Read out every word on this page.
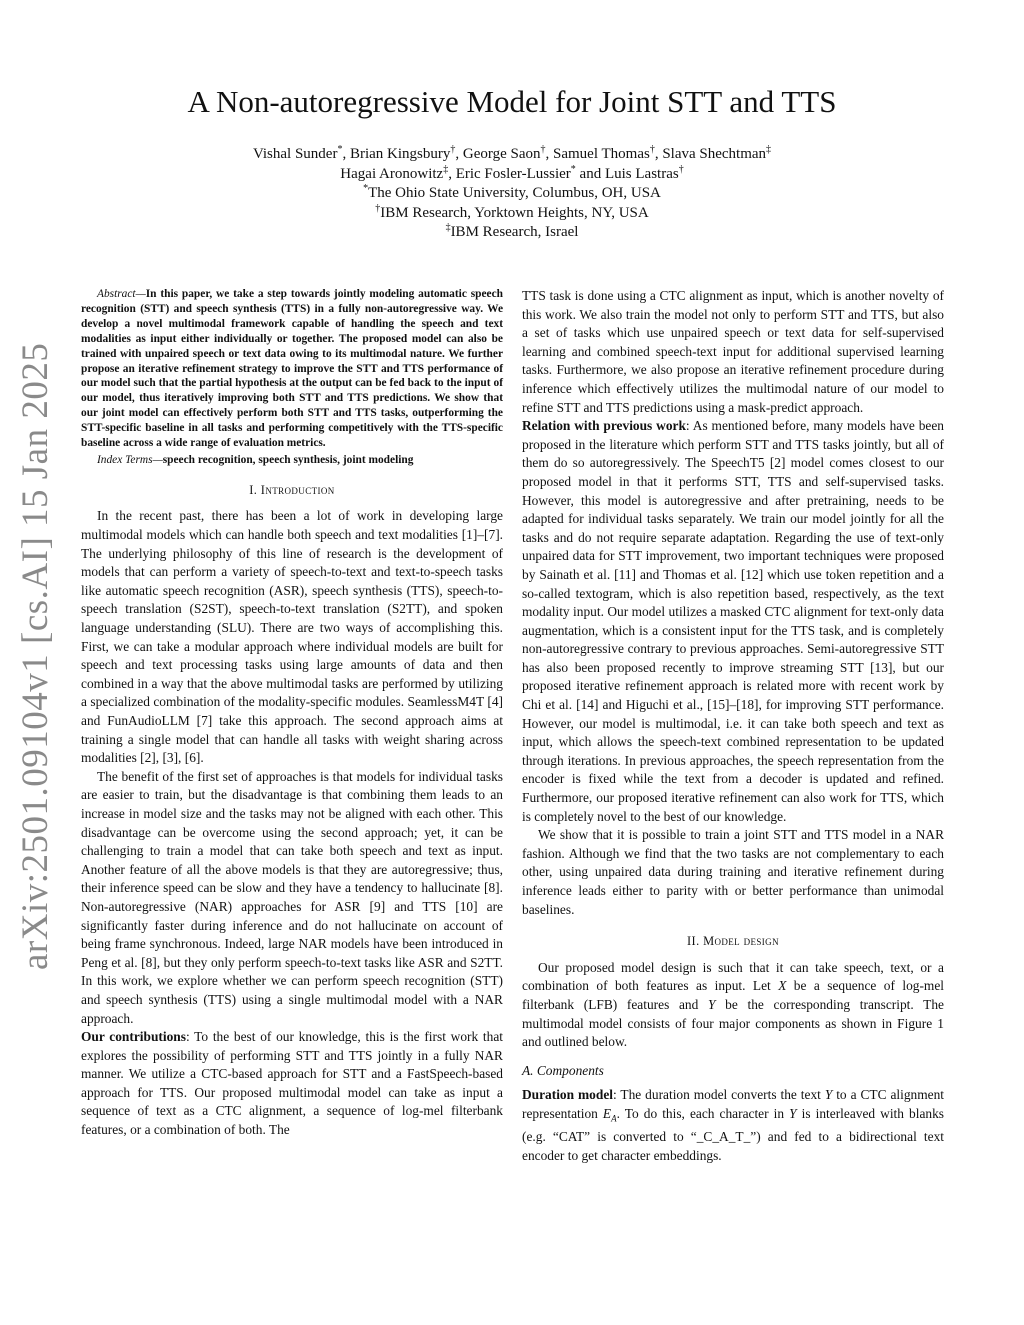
arXiv:2501.09104v1 [cs.AI] 15 Jan 2025
A Non-autoregressive Model for Joint STT and TTS
Vishal Sunder*, Brian Kingsbury†, George Saon†, Samuel Thomas†, Slava Shechtman‡
Hagai Aronowitz‡, Eric Fosler-Lussier* and Luis Lastras†
*The Ohio State University, Columbus, OH, USA
†IBM Research, Yorktown Heights, NY, USA
‡IBM Research, Israel

Abstract—In this paper, we take a step towards jointly modeling automatic speech recognition (STT) and speech synthesis (TTS) in a fully non-autoregressive way. We develop a novel multimodal framework capable of handling the speech and text modalities as input either individually or together. The proposed model can also be trained with unpaired speech or text data owing to its multimodal nature. We further propose an iterative refinement strategy to improve the STT and TTS performance of our model such that the partial hypothesis at the output can be fed back to the input of our model, thus iteratively improving both STT and TTS predictions. We show that our joint model can effectively perform both STT and TTS tasks, outperforming the STT-specific baseline in all tasks and performing competitively with the TTS-specific baseline across a wide range of evaluation metrics.

Index Terms—speech recognition, speech synthesis, joint modeling

I. Introduction

In the recent past, there has been a lot of work in developing large multimodal models which can handle both speech and text modalities [1]–[7]. The underlying philosophy of this line of research is the development of models that can perform a variety of speech-to-text and text-to-speech tasks like automatic speech recognition (ASR), speech synthesis (TTS), speech-to-speech translation (S2ST), speech-to-text translation (S2TT), and spoken language understanding (SLU). There are two ways of accomplishing this. First, we can take a modular approach where individual models are built for speech and text processing tasks using large amounts of data and then combined in a way that the above multimodal tasks are performed by utilizing a specialized combination of the modality-specific modules. SeamlessM4T [4] and FunAudioLLM [7] take this approach. The second approach aims at training a single model that can handle all tasks with weight sharing across modalities [2], [3], [6].

The benefit of the first set of approaches is that models for individual tasks are easier to train, but the disadvantage is that combining them leads to an increase in model size and the tasks may not be aligned with each other. This disadvantage can be overcome using the second approach; yet, it can be challenging to train a model that can take both speech and text as input. Another feature of all the above models is that they are autoregressive; thus, their inference speed can be slow and they have a tendency to hallucinate [8]. Non-autoregressive (NAR) approaches for ASR [9] and TTS [10] are significantly faster during inference and do not hallucinate on account of being frame synchronous. Indeed, large NAR models have been introduced in Peng et al. [8], but they only perform speech-to-text tasks like ASR and S2TT. In this work, we explore whether we can perform speech recognition (STT) and speech synthesis (TTS) using a single multimodal model with a NAR approach.

Our contributions: To the best of our knowledge, this is the first work that explores the possibility of performing STT and TTS jointly in a fully NAR manner. We utilize a CTC-based approach for STT and a FastSpeech-based approach for TTS. Our proposed multimodal model can take as input a sequence of text as a CTC alignment, a sequence of log-mel filterbank features, or a combination of both. The

TTS task is done using a CTC alignment as input, which is another novelty of this work. We also train the model not only to perform STT and TTS, but also a set of tasks which use unpaired speech or text data for self-supervised learning and combined speech-text input for additional supervised learning tasks. Furthermore, we also propose an iterative refinement procedure during inference which effectively utilizes the multimodal nature of our model to refine STT and TTS predictions using a mask-predict approach.

Relation with previous work: As mentioned before, many models have been proposed in the literature which perform STT and TTS tasks jointly, but all of them do so autoregressively. The SpeechT5 [2] model comes closest to our proposed model in that it performs STT, TTS and self-supervised tasks. However, this model is autoregressive and after pretraining, needs to be adapted for individual tasks separately. We train our model jointly for all the tasks and do not require separate adaptation. Regarding the use of text-only unpaired data for STT improvement, two important techniques were proposed by Sainath et al. [11] and Thomas et al. [12] which use token repetition and a so-called textogram, which is also repetition based, respectively, as the text modality input. Our model utilizes a masked CTC alignment for text-only data augmentation, which is a consistent input for the TTS task, and is completely non-autoregressive contrary to previous approaches. Semi-autoregressive STT has also been proposed recently to improve streaming STT [13], but our proposed iterative refinement approach is related more with recent work by Chi et al. [14] and Higuchi et al., [15]–[18], for improving STT performance. However, our model is multimodal, i.e. it can take both speech and text as input, which allows the speech-text combined representation to be updated through iterations. In previous approaches, the speech representation from the encoder is fixed while the text from a decoder is updated and refined. Furthermore, our proposed iterative refinement can also work for TTS, which is completely novel to the best of our knowledge.

We show that it is possible to train a joint STT and TTS model in a NAR fashion. Although we find that the two tasks are not complementary to each other, using unpaired data during training and iterative refinement during inference leads either to parity with or better performance than unimodal baselines.

II. Model design

Our proposed model design is such that it can take speech, text, or a combination of both features as input. Let X be a sequence of log-mel filterbank (LFB) features and Y be the corresponding transcript. The multimodal model consists of four major components as shown in Figure 1 and outlined below.

A. Components

Duration model: The duration model converts the text Y to a CTC alignment representation $E_A$. To do this, each character in Y is interleaved with blanks (e.g. “CAT” is converted to “_C_A_T_”) and fed to a bidirectional text encoder to get character embeddings.
